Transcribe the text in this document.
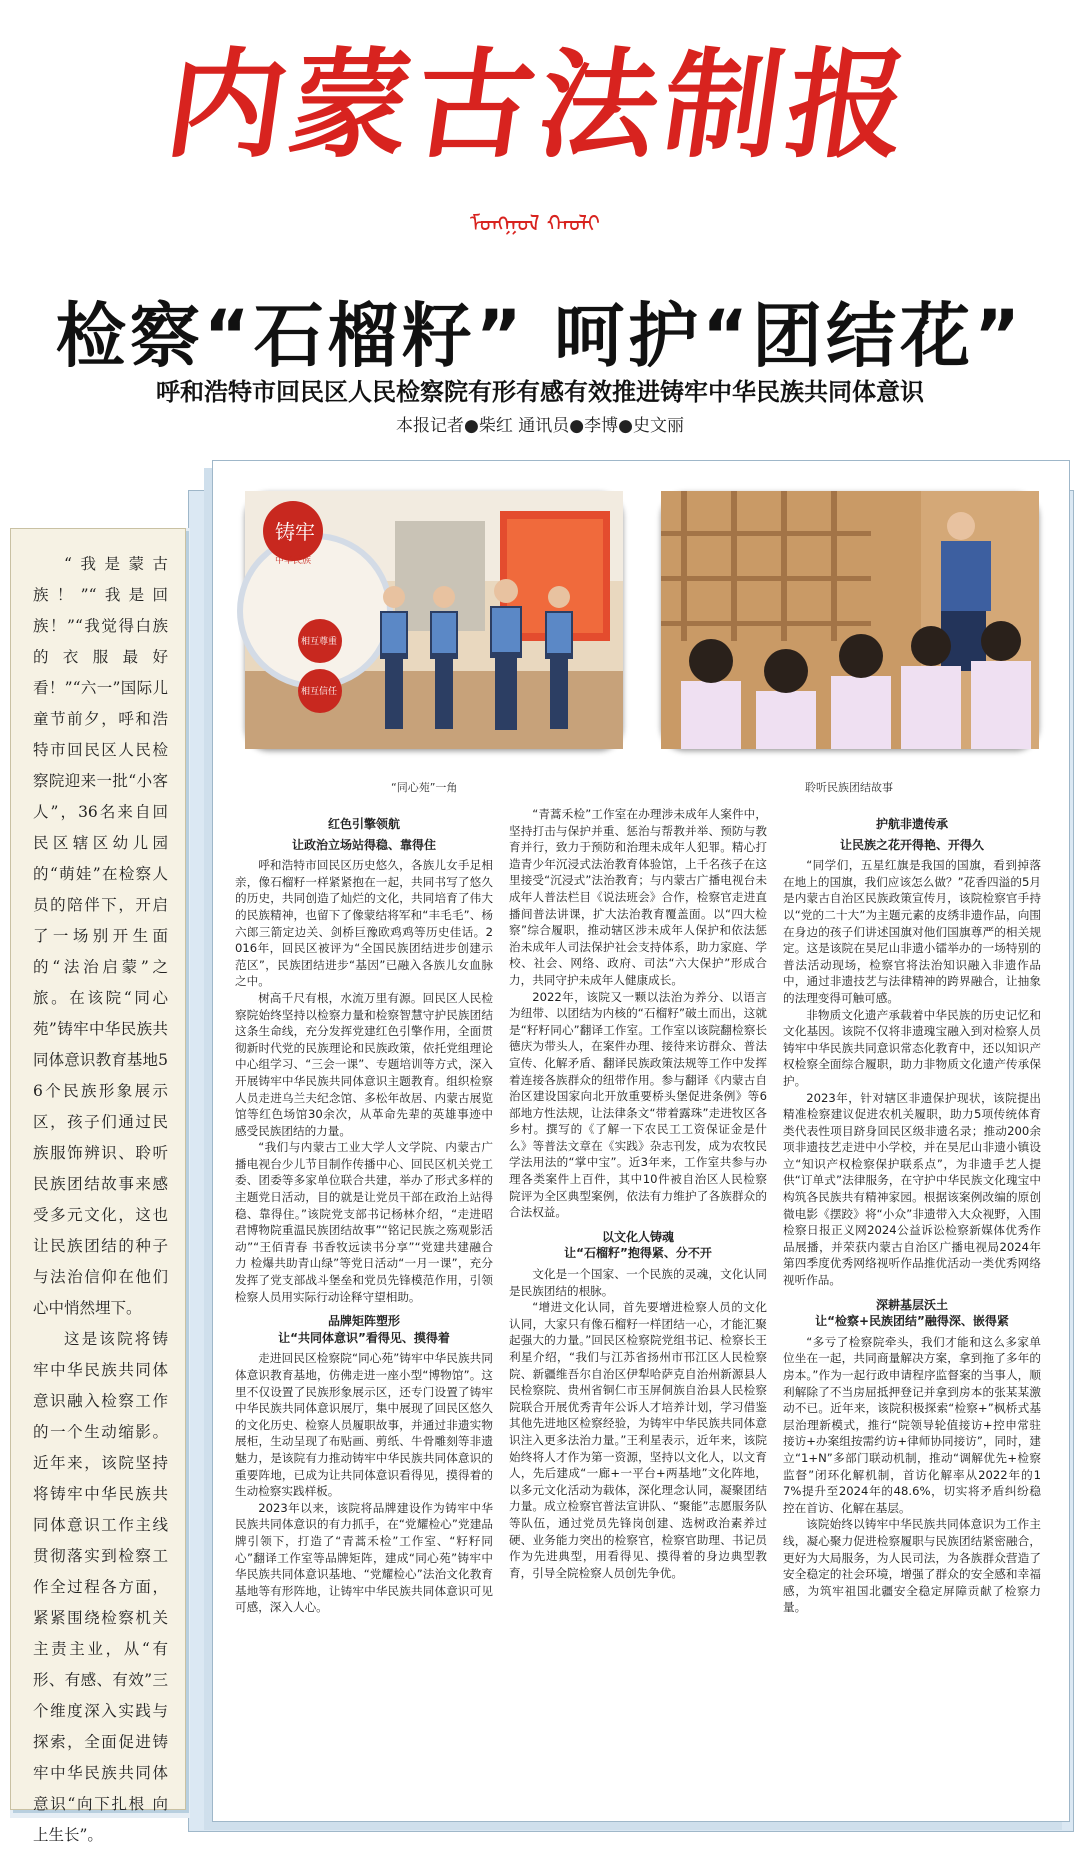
内蒙古法制报
ᠮᠣᠩᠭᠣᠯ ᠬᠠᠤᠯᠢ
检察“石榴籽” 呵护“团结花”
呼和浩特市回民区人民检察院有形有感有效推进铸牢中华民族共同体意识
本报记者●柴红 通讯员●李博●史文丽

“我是蒙古族！”“我是回族！”“我觉得白族的衣服最好看！”“六一”国际儿童节前夕，呼和浩特市回民区人民检察院迎来一批“小客人”，36名来自回民区辖区幼儿园的“萌娃”在检察人员的陪伴下，开启了一场别开生面的“法治启蒙”之旅。在该院“同心苑”铸牢中华民族共同体意识教育基地56个民族形象展示区，孩子们通过民族服饰辨识、聆听民族团结故事来感受多元文化，这也让民族团结的种子与法治信仰在他们心中悄然埋下。

这是该院将铸牢中华民族共同体意识融入检察工作的一个生动缩影。近年来，该院坚持将铸牢中华民族共同体意识工作主线贯彻落实到检察工作全过程各方面，紧紧围绕检察机关主责主业，从“有形、有感、有效”三个维度深入实践与探索，全面促进铸牢中华民族共同体意识“向下扎根 向上生长”。

铸牢
中华民族
相互尊重
相互信任
“同心苑”一角	聆听民族团结故事
红色引擎领航
让政治立场站得稳、靠得住

呼和浩特市回民区历史悠久，各族儿女手足相亲，像石榴籽一样紧紧抱在一起，共同书写了悠久的历史，共同创造了灿烂的文化，共同培育了伟大的民族精神，也留下了像蒙结将军和“丰毛毛”、杨六郎三箭定边关、剑桥巨豫欧鸡鸡等历史佳话。2016年，回民区被评为“全国民族团结进步创建示范区”，民族团结进步“基因”已融入各族儿女血脉之中。

树高千尺有根，水流万里有源。回民区人民检察院始终坚持以检察力量和检察智慧守护民族团结这条生命线，充分发挥党建红色引擎作用，全面贯彻新时代党的民族理论和民族政策，依托党组理论中心组学习、“三会一课”、专题培训等方式，深入开展铸牢中华民族共同体意识主题教育。组织检察人员走进乌兰夫纪念馆、多松年故居、内蒙古展览馆等红色场馆30余次，从革命先辈的英雄事迹中感受民族团结的力量。

“我们与内蒙古工业大学人文学院、内蒙古广播电视台少儿节目制作传播中心、回民区机关党工委、团委等多家单位联合共建，举办了形式多样的主题党日活动，目的就是让党员干部在政治上站得稳、靠得住。”该院党支部书记杨林介绍，“走进昭君博物院重温民族团结故事”“铭记民族之殇观影活动”“王佰青春 书香牧远读书分享”“党建共建融合力 检爆共助青山绿”等党日活动“一月一课”，充分发挥了党支部战斗堡垒和党员先锋模范作用，引领检察人员用实际行动诠释守望相助。

品牌矩阵塑形
让“共同体意识”看得见、摸得着

走进回民区检察院“同心苑”铸牢中华民族共同体意识教育基地，仿佛走进一座小型“博物馆”。这里不仅设置了民族形象展示区，还专门设置了铸牢中华民族共同体意识展厅，集中展现了回民区悠久的文化历史、检察人员履职故事，并通过非遗实物展柜，生动呈现了布贴画、剪纸、牛骨雕刻等非遗魅力，是该院有力推动铸牢中华民族共同体意识的重要阵地，已成为让共同体意识看得见，摸得着的生动检察实践样板。

2023年以来，该院将品牌建设作为铸牢中华民族共同体意识的有力抓手，在“党耀检心”党建品牌引领下，打造了“青蒿禾检”工作室、“籽籽同心”翻译工作室等品牌矩阵，建成“同心苑”铸牢中华民族共同体意识基地、“党耀检心”法治文化教育基地等有形阵地，让铸牢中华民族共同体意识可见可感，深入人心。

“青蒿禾检”工作室在办理涉未成年人案件中，坚持打击与保护并重、惩治与帮教并举、预防与教育并行，致力于预防和治理未成年人犯罪。精心打造青少年沉浸式法治教育体验馆，上千名孩子在这里接受“沉浸式”法治教育；与内蒙古广播电视台未成年人普法栏目《说法班会》合作，检察官走进直播间普法讲课，扩大法治教育覆盖面。以“四大检察”综合履职，推动辖区涉未成年人保护和依法惩治未成年人司法保护社会支持体系，助力家庭、学校、社会、网络、政府、司法“六大保护”形成合力，共同守护未成年人健康成长。

2022年，该院又一颗以法治为养分、以语言为纽带、以团结为内核的“石榴籽”破土而出，这就是“籽籽同心”翻译工作室。工作室以该院翻检察长德庆为带头人，在案件办理、接待来访群众、普法宣传、化解矛盾、翻译民族政策法规等工作中发挥着连接各族群众的纽带作用。参与翻译《内蒙古自治区建设国家向北开放重要桥头堡促进条例》等6部地方性法规，让法律条文“带着露珠”走进牧区各乡村。撰写的《了解一下农民工工资保证金是什么》等普法文章在《实践》杂志刊发，成为农牧民学法用法的“掌中宝”。近3年来，工作室共参与办理各类案件上百件，其中10件被自治区人民检察院评为全区典型案例，依法有力维护了各族群众的合法权益。

以文化人铸魂
让“石榴籽”抱得紧、分不开

文化是一个国家、一个民族的灵魂，文化认同是民族团结的根脉。

“增进文化认同，首先要增进检察人员的文化认同，大家只有像石榴籽一样团结一心，才能汇聚起强大的力量。”回民区检察院党组书记、检察长王利星介绍，“我们与江苏省扬州市邗江区人民检察院、新疆维吾尔自治区伊犁哈萨克自治州新源县人民检察院、贵州省铜仁市玉屏侗族自治县人民检察院联合开展优秀青年公诉人才培养计划，学习借鉴其他先进地区检察经验，为铸牢中华民族共同体意识注入更多法治力量。”王利星表示，近年来，该院始终将人才作为第一资源，坚持以文化人，以文育人，先后建成“一廊+一平台+两基地”文化阵地，以多元文化活动为载体，深化理念认同，凝聚团结力量。成立检察官普法宣讲队、“聚能”志愿服务队等队伍，通过党员先锋岗创建、选树政治素养过硬、业务能力突出的检察官，检察官助理、书记员作为先进典型，用看得见、摸得着的身边典型教育，引导全院检察人员创先争优。

护航非遗传承
让民族之花开得艳、开得久

“同学们，五星红旗是我国的国旗，看到掉落在地上的国旗，我们应该怎么做？”花香四溢的5月是内蒙古自治区民族政策宣传月，该院检察官手持以“党的二十大”为主题元素的皮绣非遗作品，向围在身边的孩子们讲述国旗对他们国旗尊严的相关规定。这是该院在昊尼山非遗小镭举办的一场特别的普法活动现场，检察官将法治知识融入非遗作品中，通过非遗技艺与法律精神的跨界融合，让抽象的法理变得可触可感。

非物质文化遗产承载着中华民族的历史记忆和文化基因。该院不仅将非遗瑰宝融入到对检察人员铸牢中华民族共同意识常态化教育中，还以知识产权检察全面综合履职，助力非物质文化遗产传承保护。

2023年，针对辖区非遗保护现状，该院提出精准检察建议促进农机关履职，助力5项传统体育类代表性项目跻身回民区级非遗名录；推动200余项非遗技艺走进中小学校，并在昊尼山非遗小镇设立“知识产权检察保护联系点”，为非遗手艺人提供“订单式”法律服务，在守护中华民族文化瑰宝中构筑各民族共有精神家园。根据该案例改编的原创微电影《摆跤》将“小众”非遗带入大众视野，入围检察日报正义网2024公益诉讼检察新媒体优秀作品展播，并荣获内蒙古自治区广播电视局2024年第四季度优秀网络视听作品推优活动一类优秀网络视听作品。

深耕基层沃土
让“检察+民族团结”融得深、嵌得紧

“多亏了检察院牵头，我们才能和这么多家单位坐在一起，共同商量解决方案，拿到拖了多年的房本。”作为一起行政申请程序监督案的当事人，顺利解除了不当房屈抵押登记并拿到房本的张某某激动不已。近年来，该院积极探索“检察+”枫桥式基层治理新模式，推行“院领导轮值接访+控申常驻接访+办案组按需约访+律师协同接访”，同时，建立“1+N”多部门联动机制，推动“调解优先+检察监督”闭环化解机制，首访化解率从2022年的17%提升至2024年的48.6%，切实将矛盾纠纷稳控在首访、化解在基层。

该院始终以铸牢中华民族共同体意识为工作主线，凝心聚力促进检察履职与民族团结紧密融合，更好为大局服务，为人民司法，为各族群众营造了安全稳定的社会环境，增强了群众的安全感和幸福感，为筑牢祖国北疆安全稳定屏障贡献了检察力量。
